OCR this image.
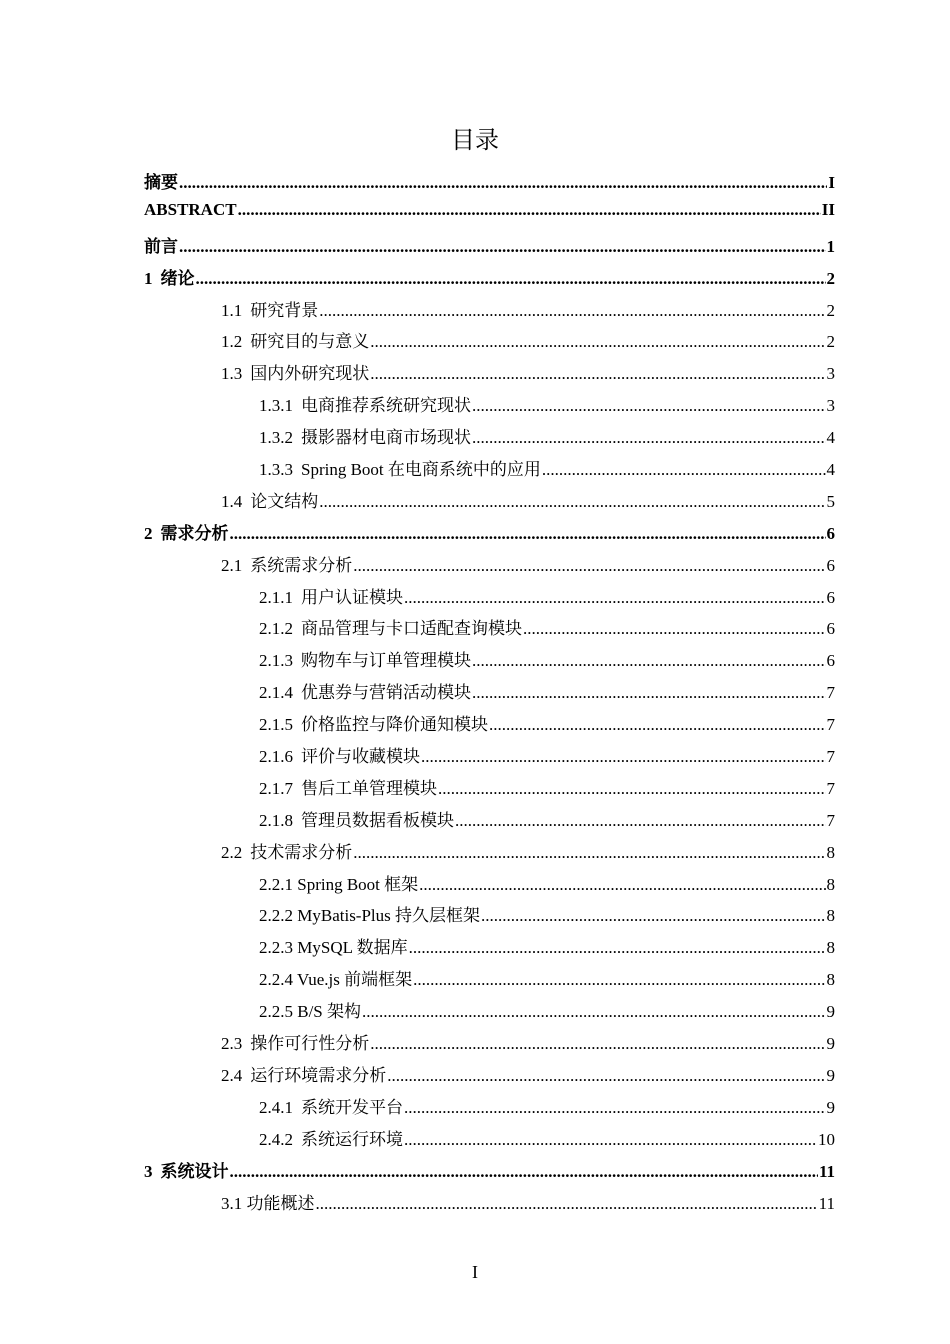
目录
摘要 .....	I
ABSTRACT .....	II
前言 .....	1
1 绪论 .....	2
1.1 研究背景 .....	2
1.2 研究目的与意义 .....	2
1.3 国内外研究现状 .....	3
1.3.1 电商推荐系统研究现状 .....	3
1.3.2 摄影器材电商市场现状 .....	4
1.3.3 Spring Boot 在电商系统中的应用 .....	4
1.4 论文结构 .....	5
2 需求分析 .....	6
2.1 系统需求分析 .....	6
2.1.1 用户认证模块 .....	6
2.1.2 商品管理与卡口适配查询模块 .....	6
2.1.3 购物车与订单管理模块 .....	6
2.1.4 优惠券与营销活动模块 .....	7
2.1.5 价格监控与降价通知模块 .....	7
2.1.6 评价与收藏模块 .....	7
2.1.7 售后工单管理模块 .....	7
2.1.8 管理员数据看板模块 .....	7
2.2 技术需求分析 .....	8
2.2.1 Spring Boot 框架 .....	8
2.2.2 MyBatis-Plus 持久层框架 .....	8
2.2.3 MySQL 数据库 .....	8
2.2.4 Vue.js 前端框架 .....	8
2.2.5 B/S 架构 .....	9
2.3 操作可行性分析 .....	9
2.4 运行环境需求分析 .....	9
2.4.1 系统开发平台 .....	9
2.4.2 系统运行环境 .....	10
3 系统设计 .....	11
3.1 功能概述 .....	11
I
